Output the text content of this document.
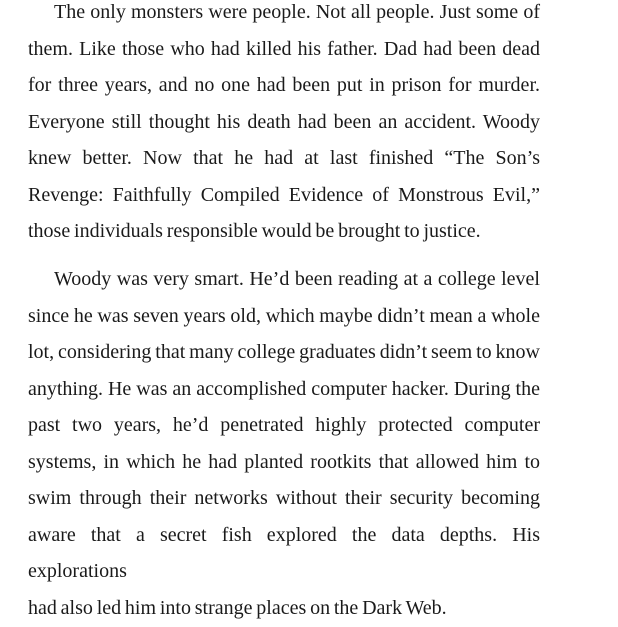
The only monsters were people. Not all people. Just some of
them. Like those who had killed his father. Dad had been dead
for three years, and no one had been put in prison for murder.
Everyone still thought his death had been an accident. Woody
knew better. Now that he had at last finished “The Son’s
Revenge: Faithfully Compiled Evidence of Monstrous Evil,”
those individuals responsible would be brought to justice.
Woody was very smart. He’d been reading at a college level
since he was seven years old, which maybe didn’t mean a whole
lot, considering that many college graduates didn’t seem to know
anything. He was an accomplished computer hacker. During the
past two years, he’d penetrated highly protected computer
systems, in which he had planted rootkits that allowed him to
swim through their networks without their security becoming
aware that a secret fish explored the data depths. His explorations
had also led him into strange places on the Dark Web.
